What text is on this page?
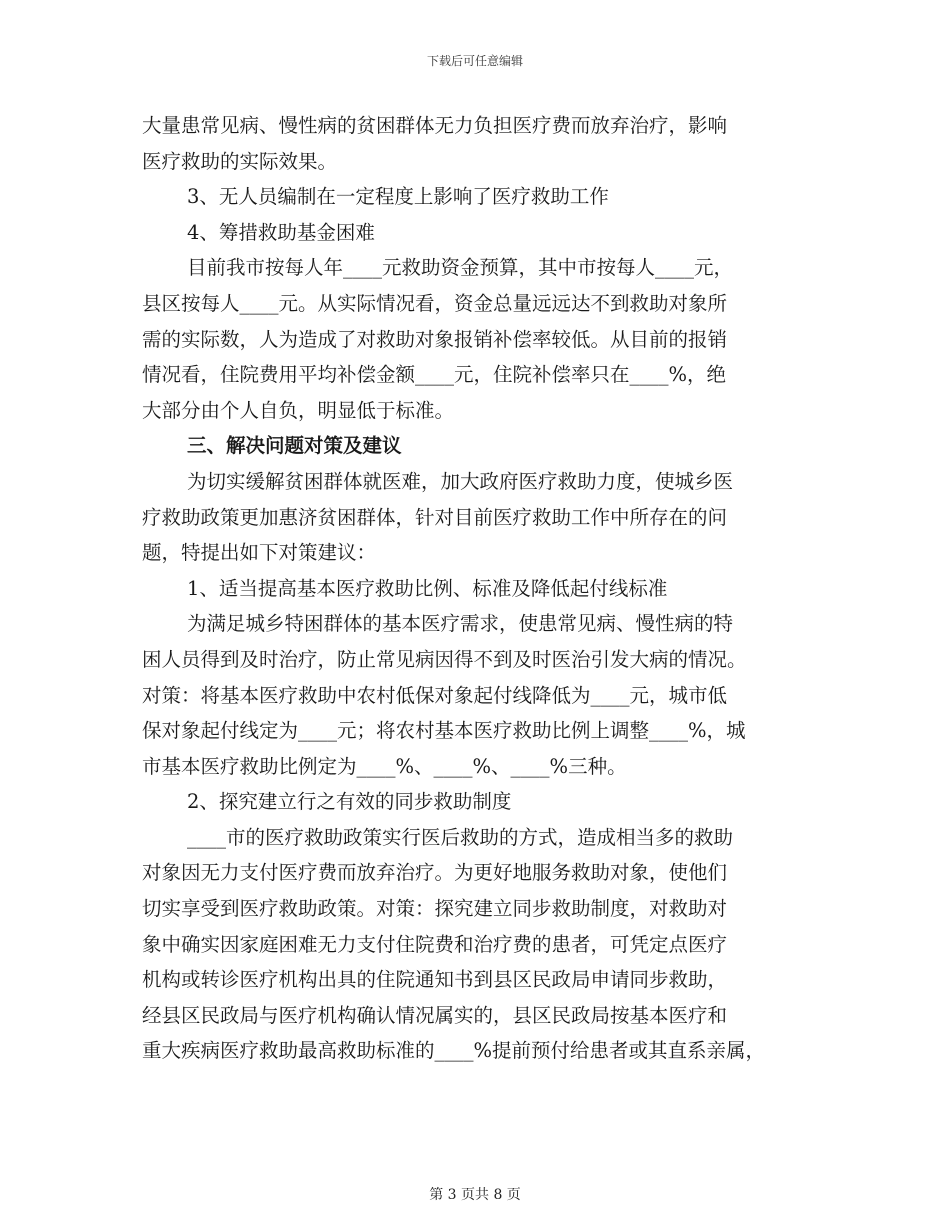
下载后可任意编辑
大量患常见病、慢性病的贫困群体无力负担医疗费而放弃治疗，影响
医疗救助的实际效果。
3、无人员编制在一定程度上影响了医疗救助工作
4、筹措救助基金困难
目前我市按每人年____元救助资金预算，其中市按每人____元，
县区按每人____元。从实际情况看，资金总量远远达不到救助对象所
需的实际数，人为造成了对救助对象报销补偿率较低。从目前的报销
情况看，住院费用平均补偿金额____元，住院补偿率只在____%，绝
大部分由个人自负，明显低于标准。
三、解决问题对策及建议
为切实缓解贫困群体就医难，加大政府医疗救助力度，使城乡医
疗救助政策更加惠济贫困群体，针对目前医疗救助工作中所存在的问
题，特提出如下对策建议：
1、适当提高基本医疗救助比例、标准及降低起付线标准
为满足城乡特困群体的基本医疗需求，使患常见病、慢性病的特
困人员得到及时治疗，防止常见病因得不到及时医治引发大病的情况。
对策：将基本医疗救助中农村低保对象起付线降低为____元，城市低
保对象起付线定为____元；将农村基本医疗救助比例上调整____%，城
市基本医疗救助比例定为____%、____%、____%三种。
2、探究建立行之有效的同步救助制度
____市的医疗救助政策实行医后救助的方式，造成相当多的救助
对象因无力支付医疗费而放弃治疗。为更好地服务救助对象，使他们
切实享受到医疗救助政策。对策：探究建立同步救助制度，对救助对
象中确实因家庭困难无力支付住院费和治疗费的患者，可凭定点医疗
机构或转诊医疗机构出具的住院通知书到县区民政局申请同步救助，
经县区民政局与医疗机构确认情况属实的，县区民政局按基本医疗和
重大疾病医疗救助最高救助标准的____%提前预付给患者或其直系亲属，
第 3 页共 8 页
